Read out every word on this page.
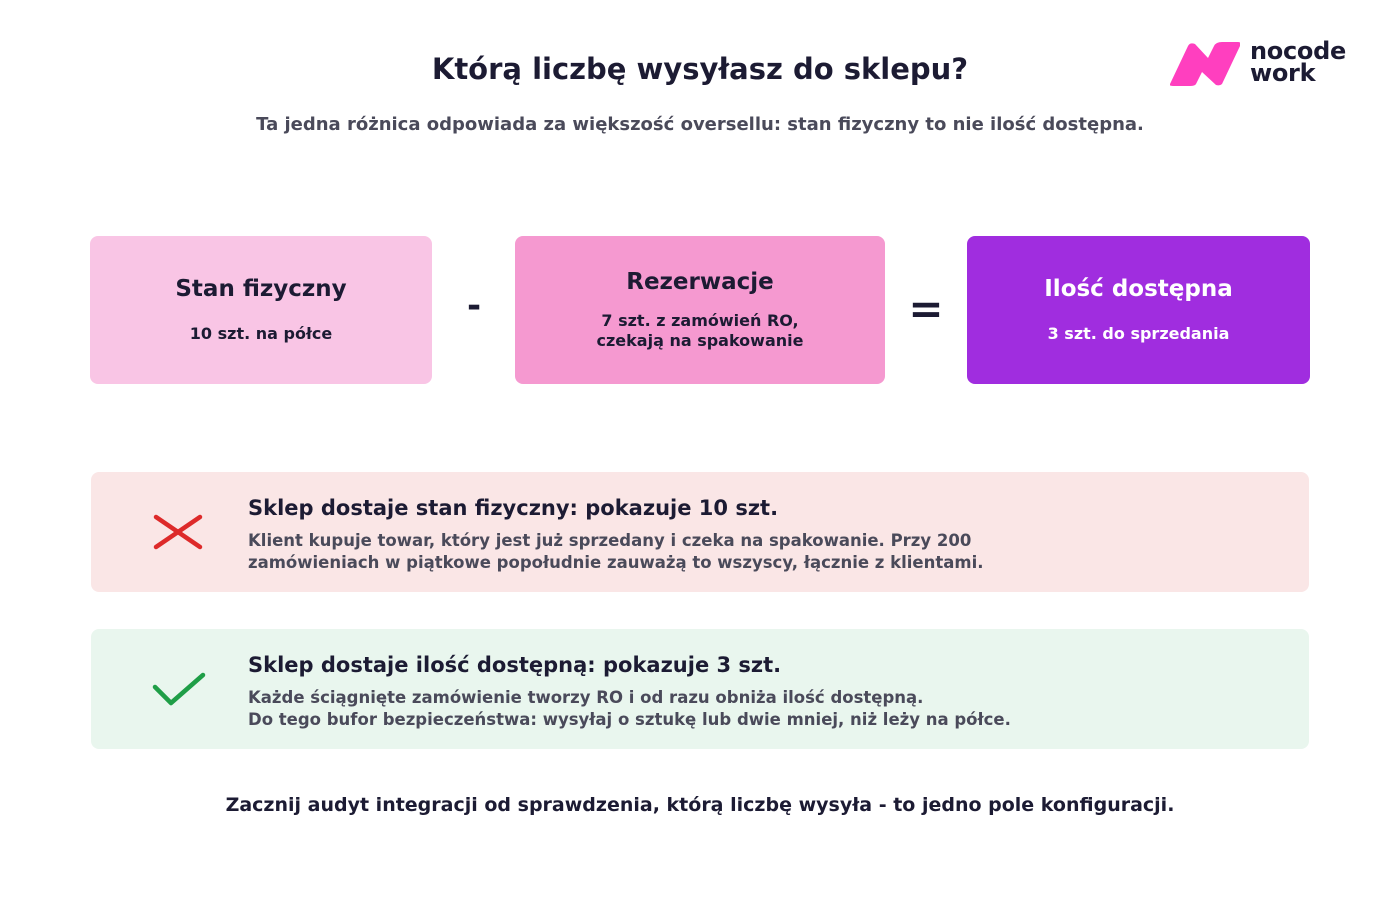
nocode
work
Którą liczbę wysyłasz do sklepu?
Ta jedna różnica odpowiada za większość oversellu: stan fizyczny to nie ilość dostępna.
Stan fizyczny
10 szt. na półce
-
Rezerwacje
7 szt. z zamówień RO,
czekają na spakowanie
=	Ilość dostępna
3 szt. do sprzedania
Sklep dostaje stan fizyczny: pokazuje 10 szt.
Klient kupuje towar, który jest już sprzedany i czeka na spakowanie. Przy 200
zamówieniach w piątkowe popołudnie zauważą to wszyscy, łącznie z klientami.
Sklep dostaje ilość dostępną: pokazuje 3 szt.
Każde ściągnięte zamówienie tworzy RO i od razu obniża ilość dostępną.
Do tego bufor bezpieczeństwa: wysyłaj o sztukę lub dwie mniej, niż leży na półce.
Zacznij audyt integracji od sprawdzenia, którą liczbę wysyła - to jedno pole konfiguracji.
